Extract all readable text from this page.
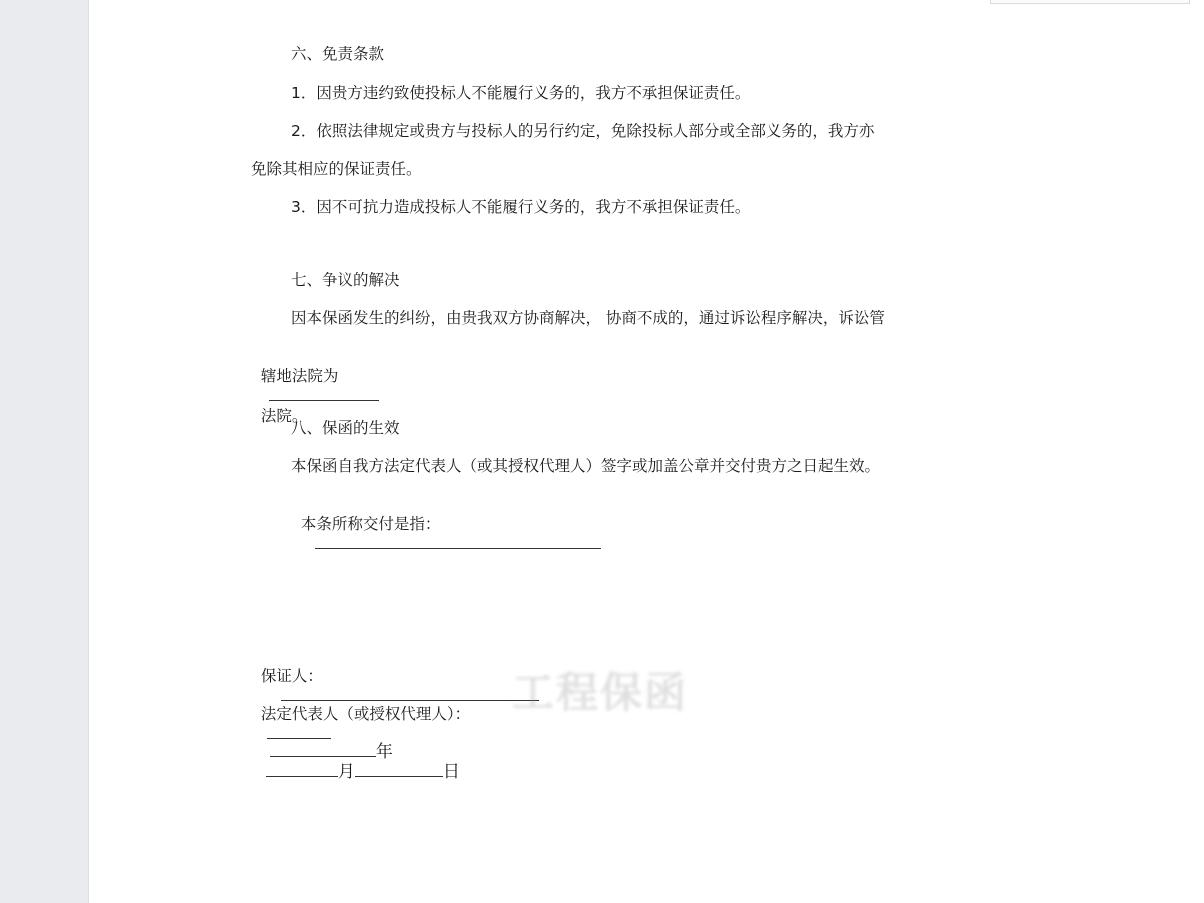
六、免责条款
1．因贵方违约致使投标人不能履行义务的，我方不承担保证责任。
2．依照法律规定或贵方与投标人的另行约定，免除投标人部分或全部义务的，我方亦
免除其相应的保证责任。
3．因不可抗力造成投标人不能履行义务的，我方不承担保证责任。
七、争议的解决
因本保函发生的纠纷，由贵我双方协商解决， 协商不成的，通过诉讼程序解决，诉讼管

辖地法院为

法院。

八、保函的生效
本保函自我方法定代表人（或其授权代理人）签字或加盖公章并交付贵方之日起生效。

本条所称交付是指：

保证人：

法定代表人（或授权代理人）：

年
月	日

工程保函
